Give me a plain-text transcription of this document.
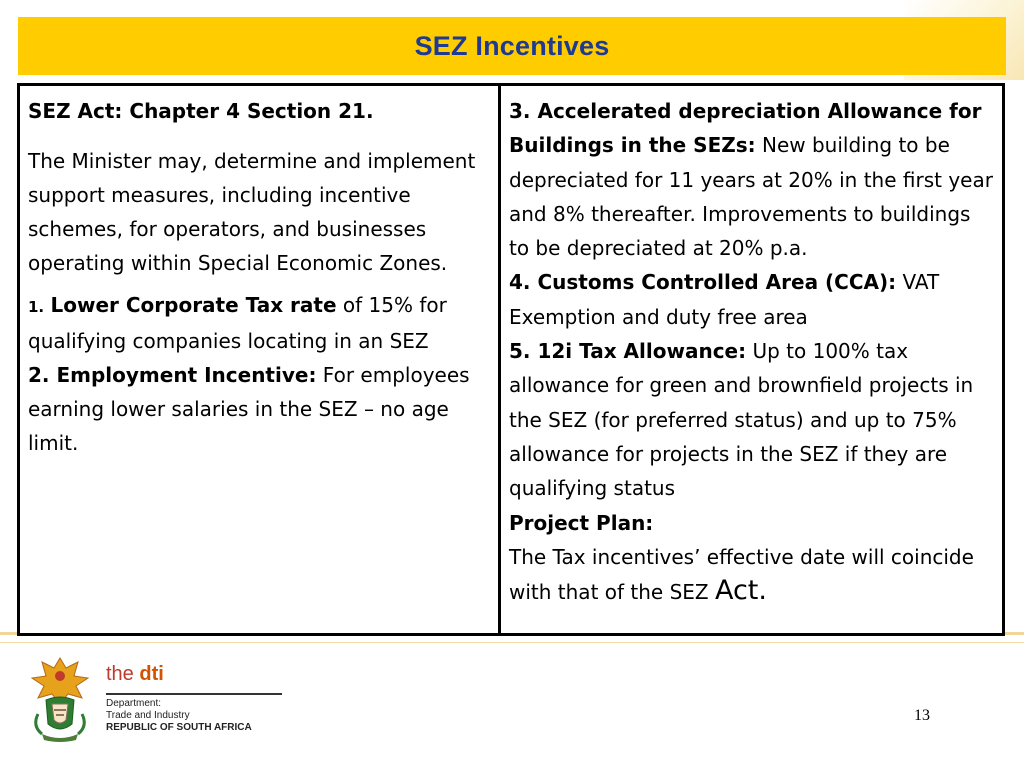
SEZ Incentives

SEZ Act: Chapter 4 Section 21.

The Minister may, determine and implement support measures, including incentive schemes, for operators, and businesses operating within Special Economic Zones.

1. Lower Corporate Tax rate of 15% for qualifying companies locating in an SEZ

2. Employment Incentive: For employees earning lower salaries in the SEZ – no age limit.

3. Accelerated depreciation Allowance for Buildings in the SEZs: New building to be depreciated for 11 years at 20% in the first year and 8% thereafter. Improvements to buildings to be depreciated at 20% p.a.

4. Customs Controlled Area (CCA): VAT Exemption and duty free area

5. 12i Tax Allowance: Up to 100% tax allowance for green and brownfield projects in the SEZ (for preferred status) and up to 75% allowance for projects in the SEZ if they are qualifying status

Project Plan:

The Tax incentives’ effective date will coincide with that of the SEZ Act.

the dti
Department:
Trade and Industry
REPUBLIC OF SOUTH AFRICA
13
